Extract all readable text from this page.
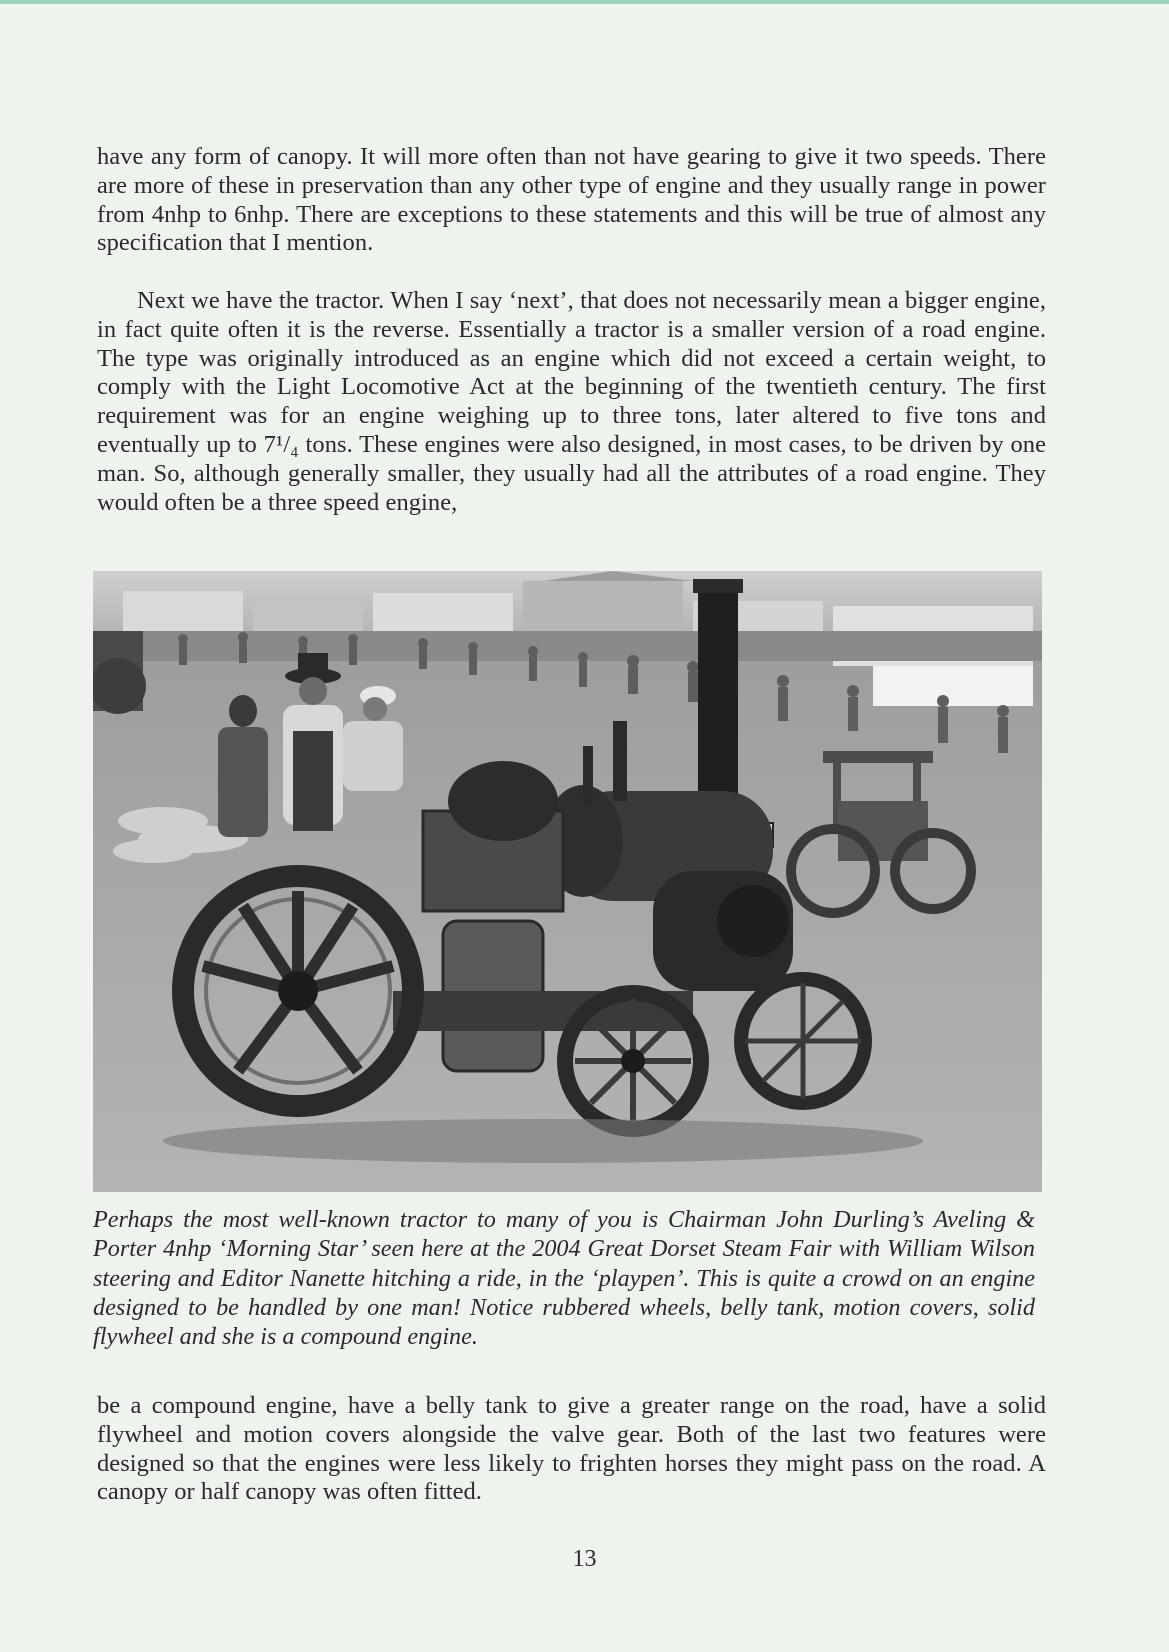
have any form of canopy. It will more often than not have gearing to give it two speeds. There are more of these in preservation than any other type of engine and they usually range in power from 4nhp to 6nhp. There are exceptions to these statements and this will be true of almost any specification that I mention.

Next we have the tractor. When I say ‘next’, that does not necessarily mean a bigger engine, in fact quite often it is the reverse. Essentially a tractor is a smaller version of a road engine. The type was originally introduced as an engine which did not exceed a certain weight, to comply with the Light Locomotive Act at the beginning of the twentieth century. The first requirement was for an engine weighing up to three tons, later altered to five tons and eventually up to 7¹/₄ tons. These engines were also designed, in most cases, to be driven by one man. So, although generally smaller, they usually had all the attributes of a road engine. They would often be a three speed engine,

Perhaps the most well-known tractor to many of you is Chairman John Durling’s Aveling & Porter 4nhp ‘Morning Star’ seen here at the 2004 Great Dorset Steam Fair with William Wilson steering and Editor Nanette hitching a ride, in the ‘playpen’. This is quite a crowd on an engine designed to be handled by one man! Notice rubbered wheels, belly tank, motion covers, solid flywheel and she is a compound engine.

be a compound engine, have a belly tank to give a greater range on the road, have a solid flywheel and motion covers alongside the valve gear. Both of the last two features were designed so that the engines were less likely to frighten horses they might pass on the road. A canopy or half canopy was often fitted.

13
